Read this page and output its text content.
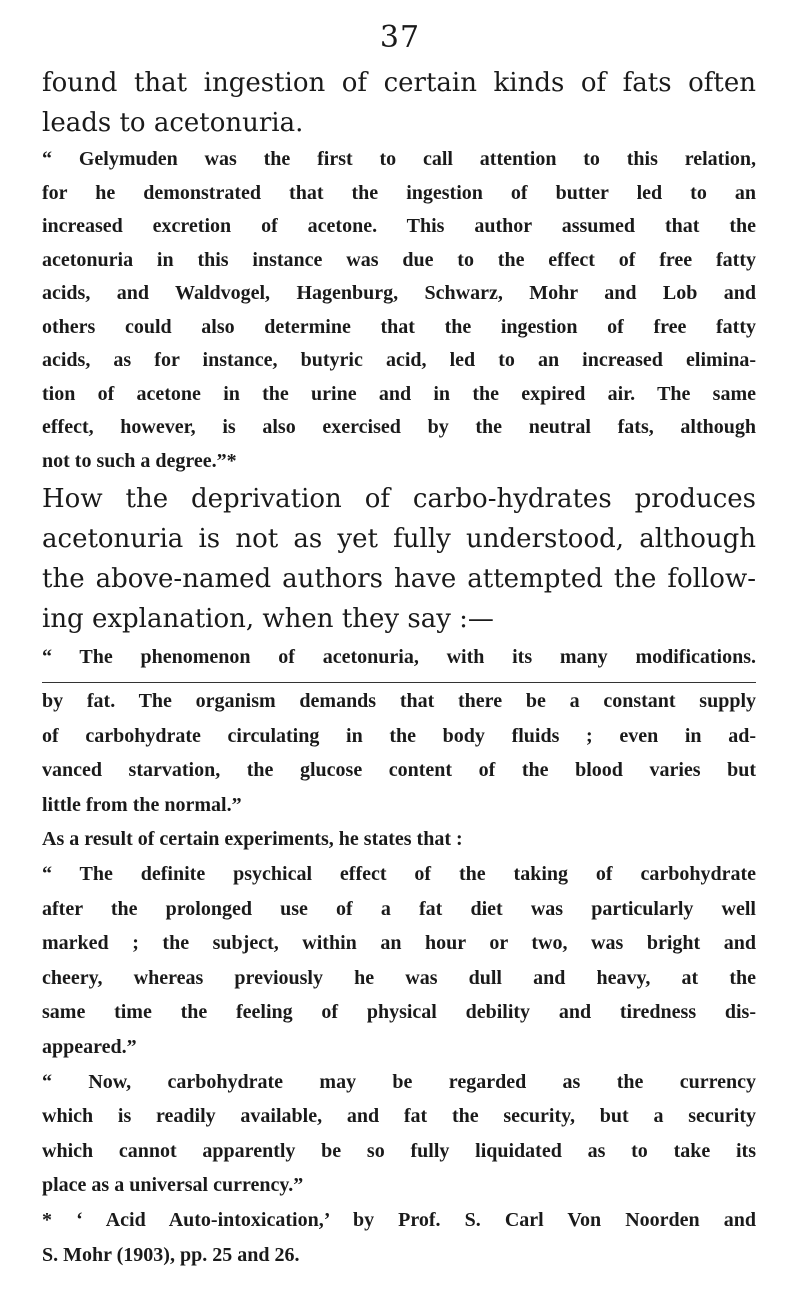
37
found that ingestion of certain kinds of fats often
leads to acetonuria.
“ Gelymuden was the first to call attention to this relation,
for he demonstrated that the ingestion of butter led to an
increased excretion of acetone. This author assumed that the
acetonuria in this instance was due to the effect of free fatty
acids, and Waldvogel, Hagenburg, Schwarz, Mohr and Lob and
others could also determine that the ingestion of free fatty
acids, as for instance, butyric acid, led to an increased elimina-
tion of acetone in the urine and in the expired air. The same
effect, however, is also exercised by the neutral fats, although
not to such a degree.”*
How the deprivation of carbo-hydrates produces
acetonuria is not as yet fully understood, although
the above-named authors have attempted the follow-
ing explanation, when they say :—
“ The phenomenon of acetonuria, with its many modifications.
by fat. The organism demands that there be a constant supply
of carbohydrate circulating in the body fluids ; even in ad-
vanced starvation, the glucose content of the blood varies but
little from the normal.”
As a result of certain experiments, he states that :
“ The definite psychical effect of the taking of carbohydrate
after the prolonged use of a fat diet was particularly well
marked ; the subject, within an hour or two, was bright and
cheery, whereas previously he was dull and heavy, at the
same time the feeling of physical debility and tiredness dis-
appeared.”
“ Now, carbohydrate may be regarded as the currency
which is readily available, and fat the security, but a security
which cannot apparently be so fully liquidated as to take its
place as a universal currency.”
* ‘ Acid Auto-intoxication,’ by Prof. S. Carl Von Noorden and
S. Mohr (1903), pp. 25 and 26.
